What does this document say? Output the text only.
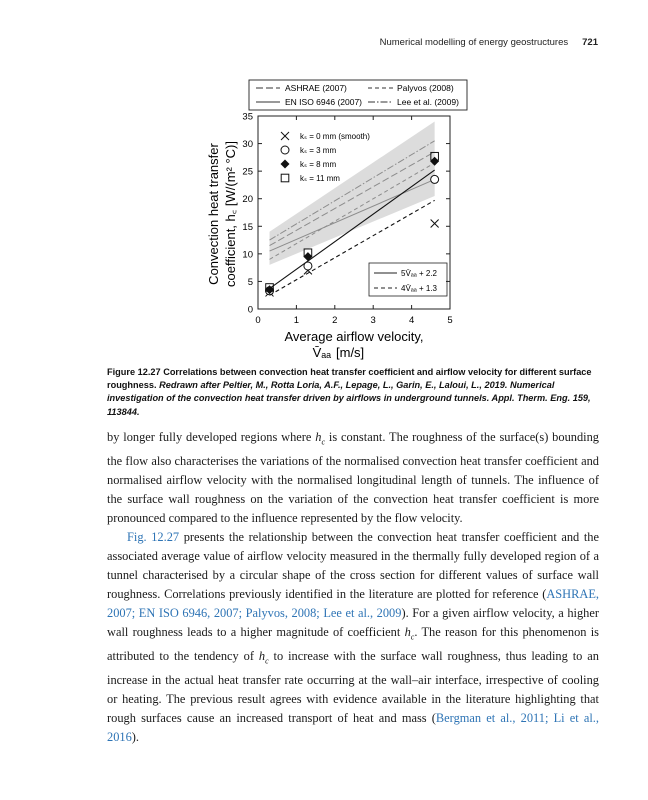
Numerical modelling of energy geostructures 721
ASHRAE (2007)	Palyvos (2008)
EN ISO 6946 (2007)	Lee et al. (2009)
Convection heat transfer coefficient, h꜀ [W/(m² °C)]
kₛ = 0 mm (smooth)
kₛ = 3 mm
kₛ = 8 mm
kₛ = 11 mm
5V̄ₐₐ + 2.2
4V̄ₐₐ + 1.3
Average airflow velocity,
V̄ₐₐ [m/s]
0	1	2	3	4	5
0
5
10
15
20
25
30
35
Figure 12.27 Correlations between convection heat transfer coefficient and airflow velocity for different surface roughness. Redrawn after Peltier, M., Rotta Loria, A.F., Lepage, L., Garin, E., Laloui, L., 2019. Numerical investigation of the convection heat transfer driven by airflows in underground tunnels. Appl. Therm. Eng. 159, 113844.

by longer fully developed regions where $h_c$ is constant. The roughness of the surface(s) bounding the flow also characterises the variations of the normalised convection heat transfer coefficient and normalised airflow velocity with the normalised longitudinal length of tunnels. The influence of the surface wall roughness on the variation of the convection heat transfer coefficient is more pronounced compared to the influence represented by the flow velocity.

Fig. 12.27 presents the relationship between the convection heat transfer coefficient and the associated average value of airflow velocity measured in the thermally fully developed region of a tunnel characterised by a circular shape of the cross section for different values of surface wall roughness. Correlations previously identified in the literature are plotted for reference (ASHRAE, 2007; EN ISO 6946, 2007; Palyvos, 2008; Lee et al., 2009). For a given airflow velocity, a higher wall roughness leads to a higher magnitude of coefficient $h_c$. The reason for this phenomenon is attributed to the tendency of $h_c$ to increase with the surface wall roughness, thus leading to an increase in the actual heat transfer rate occurring at the wall–air interface, irrespective of cooling or heating. The previous result agrees with evidence available in the literature highlighting that rough surfaces cause an increased transport of heat and mass (Bergman et al., 2011; Li et al., 2016).
